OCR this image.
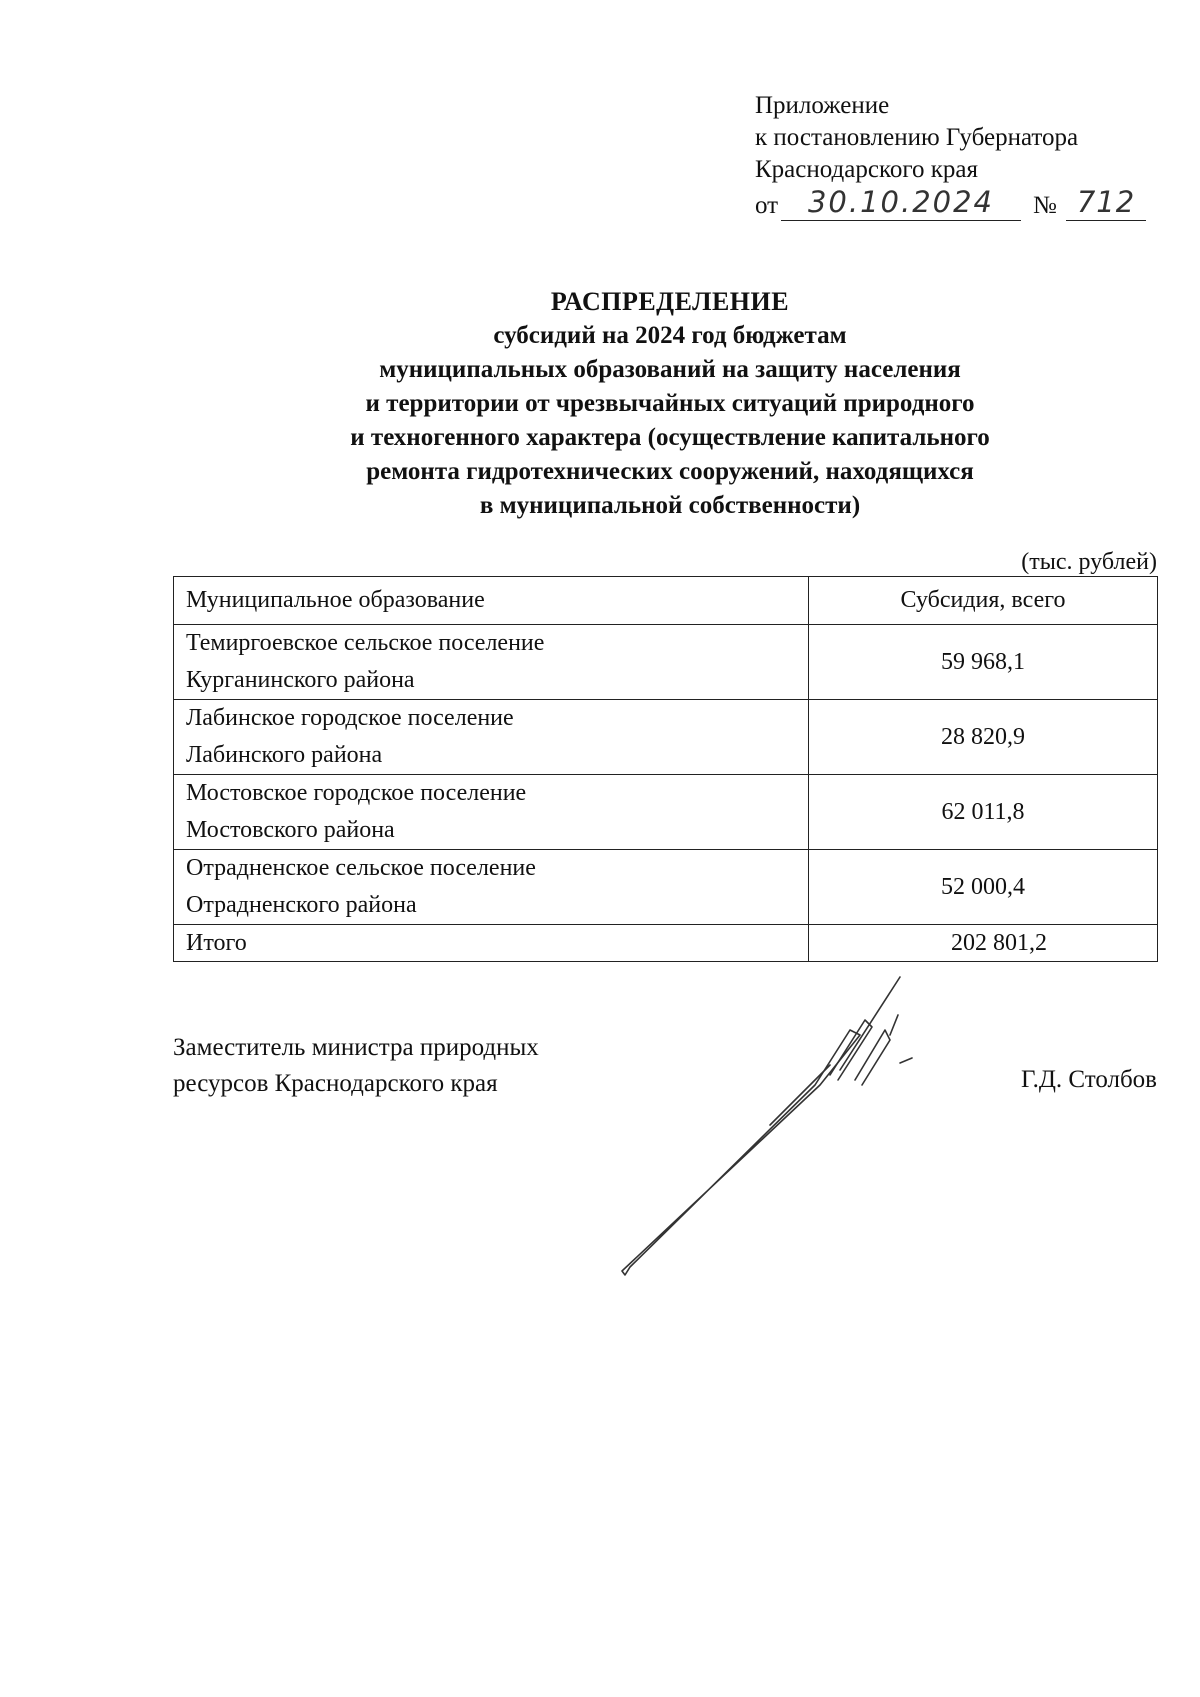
Приложение
к постановлению Губернатора
Краснодарского края
от	30.10.2024	№ 712
РАСПРЕДЕЛЕНИЕ
субсидий на 2024 год бюджетам
муниципальных образований на защиту населения
и территории от чрезвычайных ситуаций природного
и техногенного характера (осуществление капитального
ремонта гидротехнических сооружений, находящихся
в муниципальной собственности)
(тыс. рублей)
Муниципальное образование	Субсидия, всего

Темиргоевское сельское поселение
Курганинского района	59 968,1

Лабинское городское поселение
Лабинского района	28 820,9

Мостовское городское поселение
Мостовского района	62 011,8

Отрадненское сельское поселение
Отрадненского района	52 000,4
Итого	202 801,2
Заместитель министра природных
ресурсов Краснодарского края	Г.Д. Столбов
